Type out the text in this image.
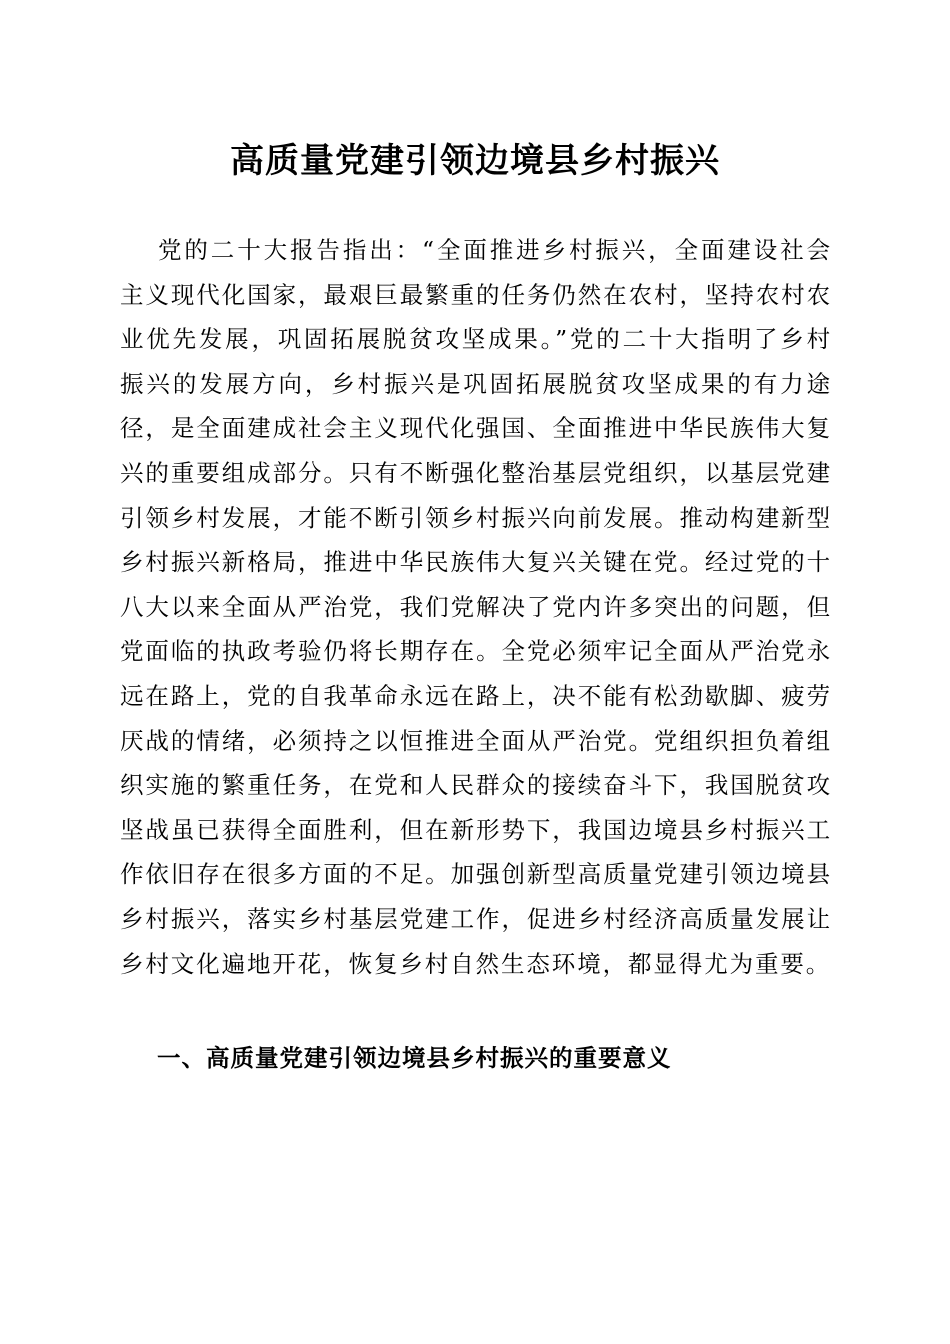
高质量党建引领边境县乡村振兴

党的二十大报告指出：“全面推进乡村振兴，全面建设社会主义现代化国家，最艰巨最繁重的任务仍然在农村，坚持农村农业优先发展，巩固拓展脱贫攻坚成果。”党的二十大指明了乡村振兴的发展方向，乡村振兴是巩固拓展脱贫攻坚成果的有力途径，是全面建成社会主义现代化强国、全面推进中华民族伟大复兴的重要组成部分。只有不断强化整治基层党组织，以基层党建引领乡村发展，才能不断引领乡村振兴向前发展。推动构建新型乡村振兴新格局，推进中华民族伟大复兴关键在党。经过党的十八大以来全面从严治党，我们党解决了党内许多突出的问题，但党面临的执政考验仍将长期存在。全党必须牢记全面从严治党永远在路上，党的自我革命永远在路上，决不能有松劲歇脚、疲劳厌战的情绪，必须持之以恒推进全面从严治党。党组织担负着组织实施的繁重任务，在党和人民群众的接续奋斗下，我国脱贫攻坚战虽已获得全面胜利，但在新形势下，我国边境县乡村振兴工作依旧存在很多方面的不足。加强创新型高质量党建引领边境县乡村振兴，落实乡村基层党建工作，促进乡村经济高质量发展让乡村文化遍地开花，恢复乡村自然生态环境，都显得尤为重要。

一、高质量党建引领边境县乡村振兴的重要意义
